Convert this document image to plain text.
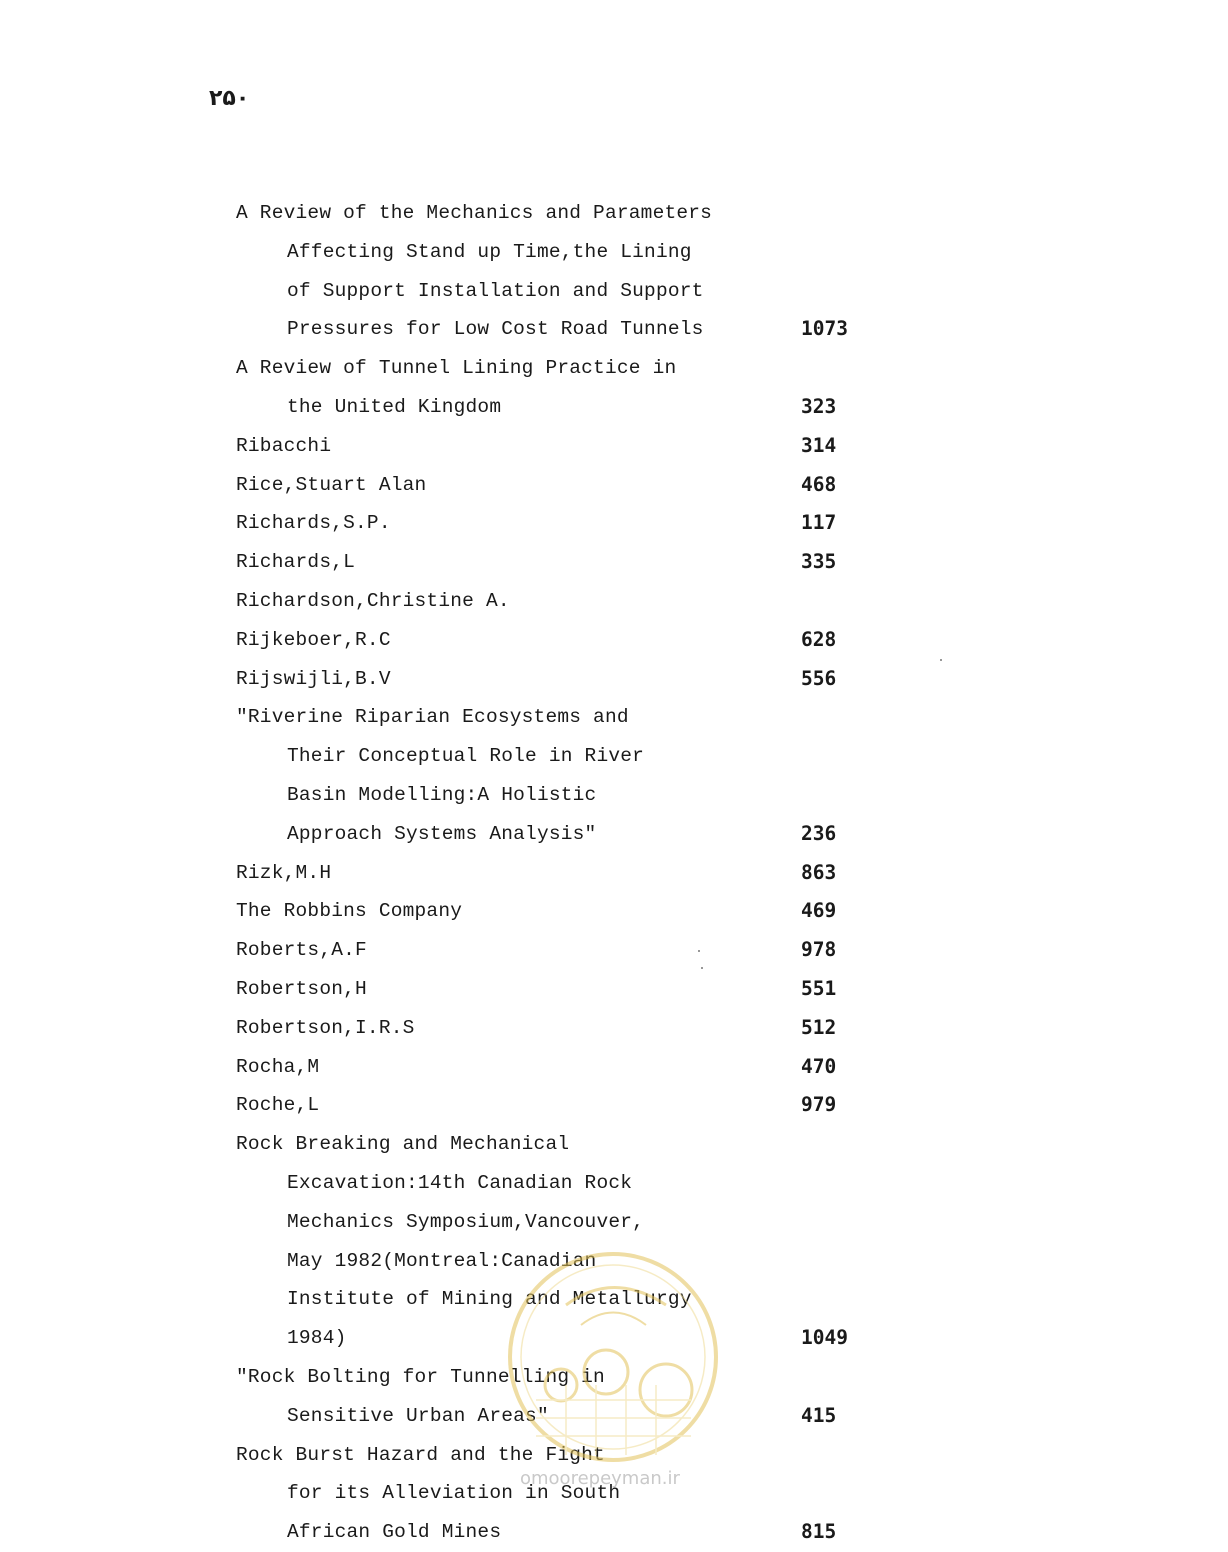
۲۵۰
A Review of the Mechanics and Parameters
Affecting Stand up Time,the Lining
of Support Installation and Support
Pressures for Low Cost Road Tunnels	1073
A Review of Tunnel Lining Practice in
the United Kingdom	323
Ribacchi	314
Rice,Stuart Alan	468
Richards,S.P.	117
Richards,L	335
Richardson,Christine A.
Rijkeboer,R.C	628
Rijswijli,B.V	556
"Riverine Riparian Ecosystems and
Their Conceptual Role in River
Basin Modelling:A Holistic
Approach Systems Analysis"	236
Rizk,M.H	863
The Robbins Company	469
Roberts,A.F	978
Robertson,H	551
Robertson,I.R.S	512
Rocha,M	470
Roche,L	979
Rock Breaking and Mechanical
Excavation:14th Canadian Rock
Mechanics Symposium,Vancouver,
May 1982(Montreal:Canadian
Institute of Mining and Metallurgy
1984)	1049
"Rock Bolting for Tunnelling in
Sensitive Urban Areas"	415
Rock Burst Hazard and the Fight
for its Alleviation in South
African Gold Mines	815
omoorepeyman.ir
